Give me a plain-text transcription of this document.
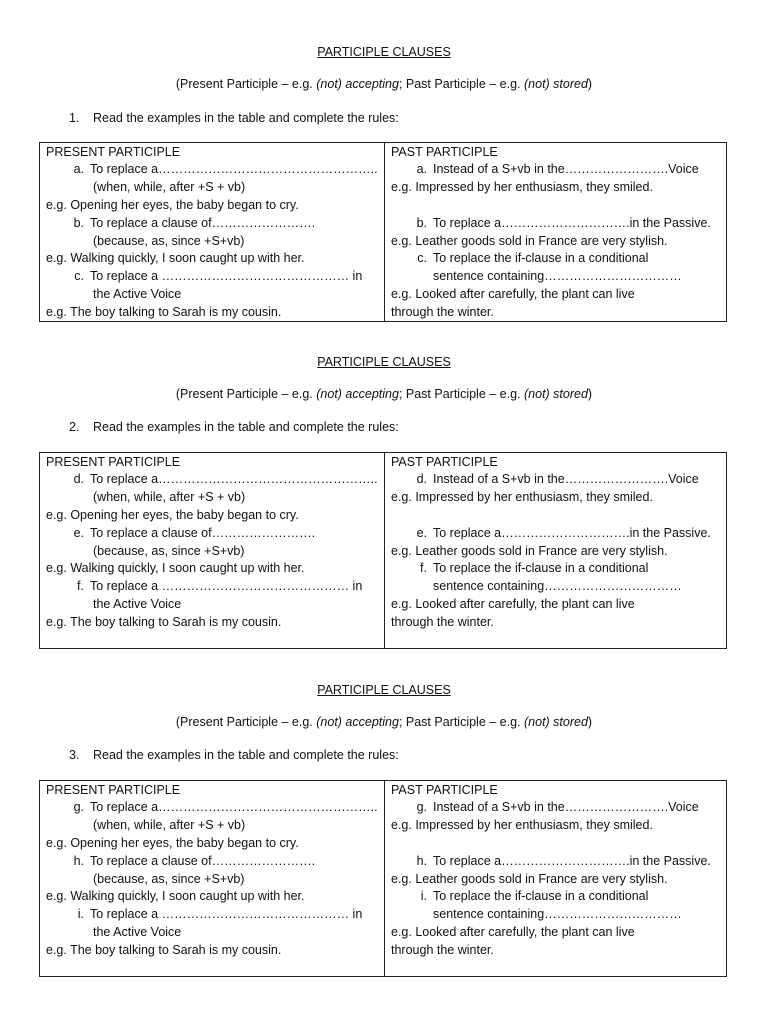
PARTICIPLE CLAUSES
(Present Participle – e.g. (not) accepting; Past Participle – e.g. (not) stored)
1. Read the examples in the table and complete the rules:
PRESENT PARTICIPLE
a. To replace a……………………………………………..
(when, while, after +S + vb)
e.g. Opening her eyes, the baby began to cry.
b. To replace a clause of…………………….
(because, as, since +S+vb)
e.g. Walking quickly, I soon caught up with her.
c. To replace a ……………………………………… in
the Active Voice
e.g. The boy talking to Sarah is my cousin.
PAST PARTICIPLE
a. Instead of a S+vb in the…………………….Voice
e.g. Impressed by her enthusiasm, they smiled.
b. To replace a………………………….in the Passive.
e.g. Leather goods sold in France are very stylish.
c. To replace the if-clause in a conditional
sentence containing……………………………
e.g. Looked after carefully, the plant can live
through the winter.
PARTICIPLE CLAUSES
(Present Participle – e.g. (not) accepting; Past Participle – e.g. (not) stored)
2. Read the examples in the table and complete the rules:
PRESENT PARTICIPLE
d. To replace a……………………………………………..
(when, while, after +S + vb)
e.g. Opening her eyes, the baby began to cry.
e. To replace a clause of…………………….
(because, as, since +S+vb)
e.g. Walking quickly, I soon caught up with her.
f. To replace a ……………………………………… in
the Active Voice
e.g. The boy talking to Sarah is my cousin.
PAST PARTICIPLE
d. Instead of a S+vb in the…………………….Voice
e.g. Impressed by her enthusiasm, they smiled.
e. To replace a………………………….in the Passive.
e.g. Leather goods sold in France are very stylish.
f. To replace the if-clause in a conditional
sentence containing……………………………
e.g. Looked after carefully, the plant can live
through the winter.
PARTICIPLE CLAUSES
(Present Participle – e.g. (not) accepting; Past Participle – e.g. (not) stored)
3. Read the examples in the table and complete the rules:
PRESENT PARTICIPLE
g. To replace a……………………………………………..
(when, while, after +S + vb)
e.g. Opening her eyes, the baby began to cry.
h. To replace a clause of…………………….
(because, as, since +S+vb)
e.g. Walking quickly, I soon caught up with her.
i. To replace a ……………………………………… in
the Active Voice
e.g. The boy talking to Sarah is my cousin.
PAST PARTICIPLE
g. Instead of a S+vb in the…………………….Voice
e.g. Impressed by her enthusiasm, they smiled.
h. To replace a………………………….in the Passive.
e.g. Leather goods sold in France are very stylish.
i. To replace the if-clause in a conditional
sentence containing……………………………
e.g. Looked after carefully, the plant can live
through the winter.
